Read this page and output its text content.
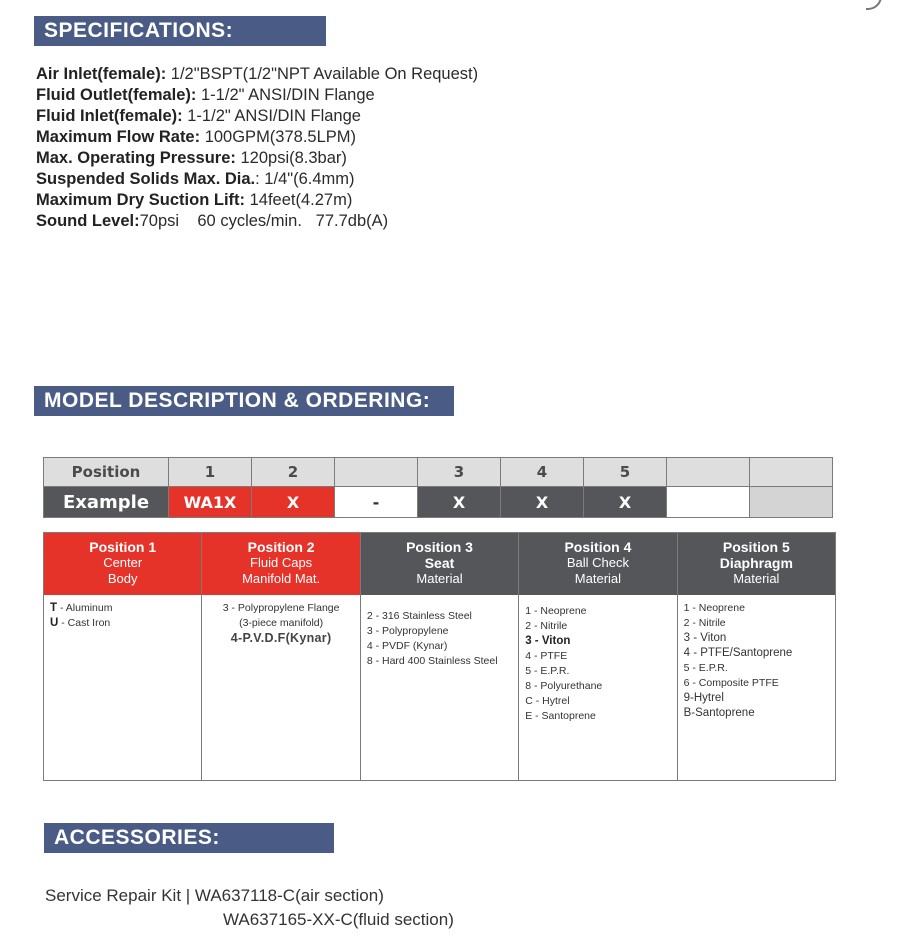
SPECIFICATIONS:
Air Inlet(female): 1/2"BSPT(1/2"NPT Available On Request)
Fluid Outlet(female): 1-1/2" ANSI/DIN Flange
Fluid Inlet(female): 1-1/2" ANSI/DIN Flange
Maximum Flow Rate: 100GPM(378.5LPM)
Max. Operating Pressure: 120psi(8.3bar)
Suspended Solids Max. Dia.: 1/4"(6.4mm)
Maximum Dry Suction Lift: 14feet(4.27m)
Sound Level:70psi    60 cycles/min.   77.7db(A)
MODEL DESCRIPTION & ORDERING:
Position	1	2		3	4	5		
Example	WA1X	X	-	X	X	X		
Position 1
Center
Body
T - Aluminum
U - Cast Iron
Position 2
Fluid Caps
Manifold Mat.
3 - Polypropylene Flange
(3-piece manifold)
4-P.V.D.F(Kynar)
Position 3
Seat
Material
2 - 316 Stainless Steel
3 - Polypropylene
4 - PVDF (Kynar)
8 - Hard 400 Stainless Steel
Position 4
Ball Check
Material
1 - Neoprene
2 - Nitrile
3 - Viton
4 - PTFE
5 - E.P.R.
8 - Polyurethane
C - Hytrel
E - Santoprene
Position 5
Diaphragm
Material
1 - Neoprene
2 - Nitrile
3 - Viton
4 - PTFE/Santoprene
5 - E.P.R.
6 - Composite PTFE
9-Hytrel
B-Santoprene
ACCESSORIES:
Service Repair Kit | WA637118-C(air section)

WA637165-XX-C(fluid section)
